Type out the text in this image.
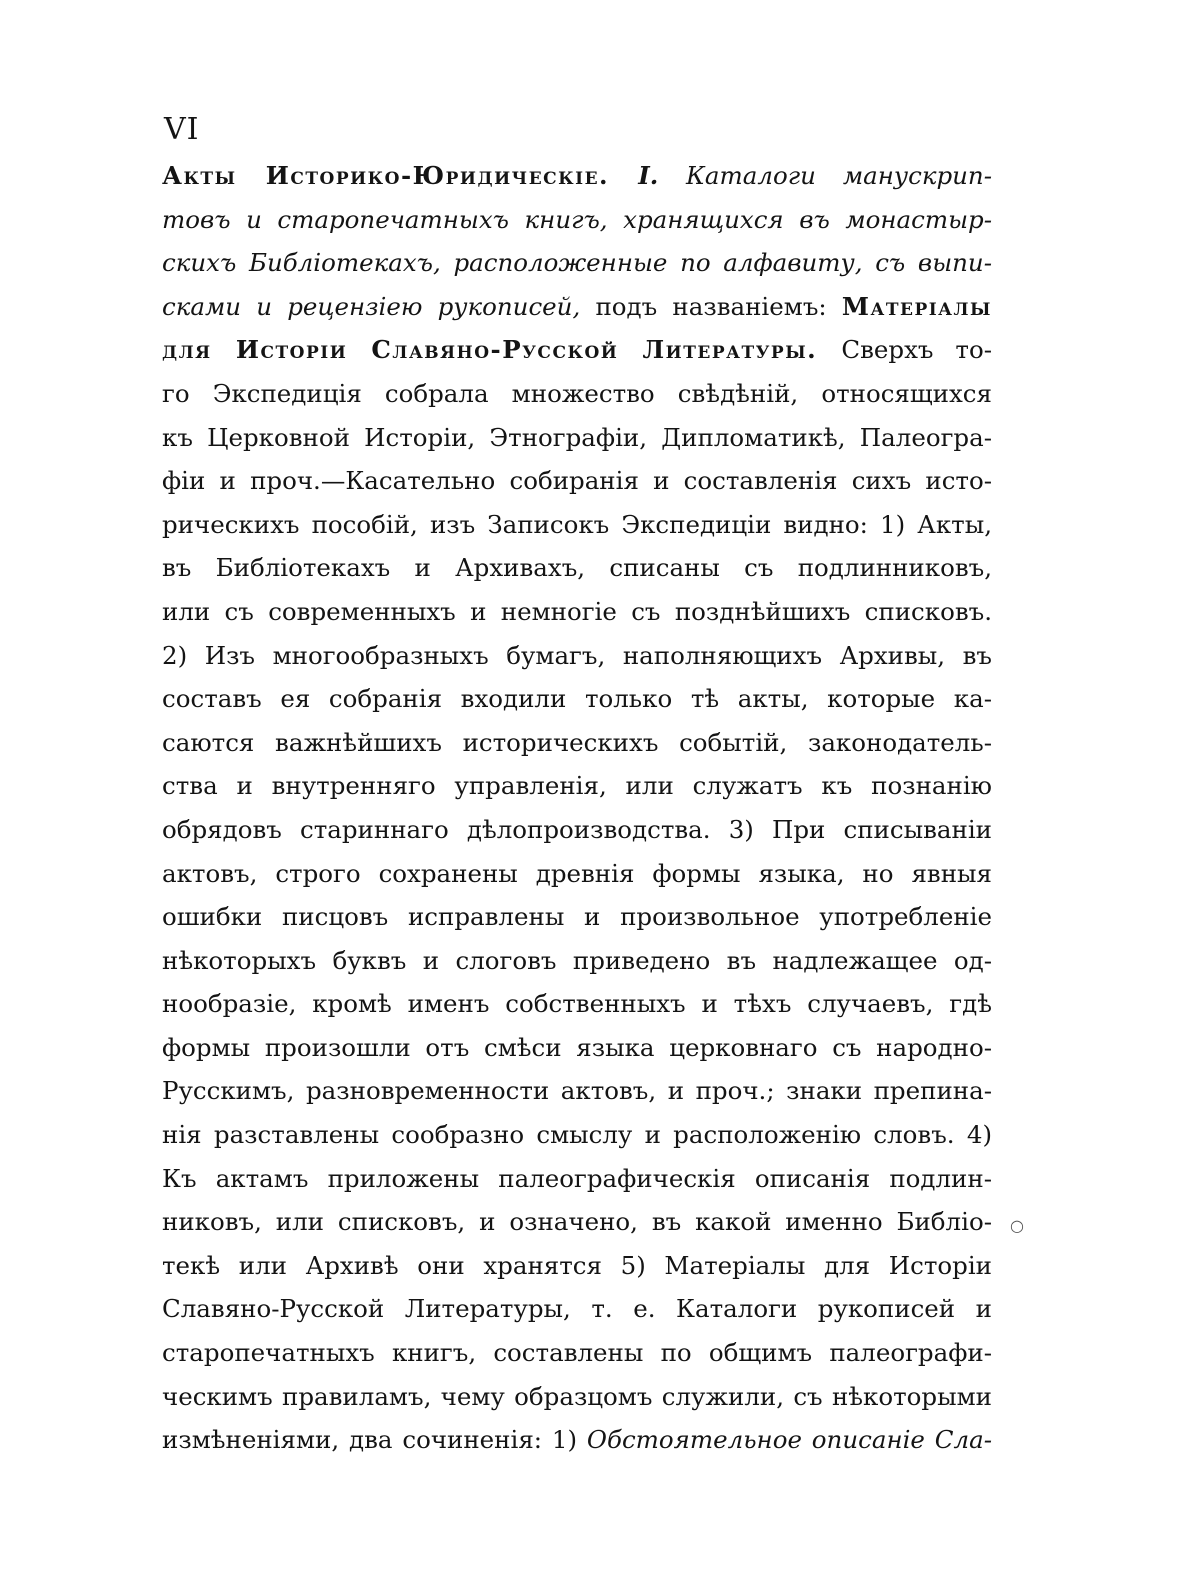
VI
Акты Историко-Юридическіе. I. Каталоги манускрип-
товъ и старопечатныхъ книгъ, хранящихся въ монастыр-
скихъ Библіотекахъ, расположенные по алфавиту, съ выпи-
сками и рецензіею рукописей, подъ названіемъ: Матеріалы
для Исторіи Славяно-Русской Литературы. Сверхъ то-
го Экспедиція собрала множество свѣдѣній, относящихся
къ Церковной Исторіи, Этнографіи, Дипломатикѣ, Палеогра-
фіи и проч.—Касательно собиранія и составленія сихъ исто-
рическихъ пособій, изъ Записокъ Экспедиціи видно: 1) Акты,
въ Библіотекахъ и Архивахъ, списаны съ подлинниковъ,
или съ современныхъ и немногіе съ позднѣйшихъ списковъ.
2) Изъ многообразныхъ бумагъ, наполняющихъ Архивы, въ
составъ ея собранія входили только тѣ акты, которые ка-
саются важнѣйшихъ историческихъ событій, законодатель-
ства и внутренняго управленія, или служатъ къ познанію
обрядовъ стариннаго дѣлопроизводства. 3) При списываніи
актовъ, строго сохранены древнія формы языка, но явныя
ошибки писцовъ исправлены и произвольное употребленіе
нѣкоторыхъ буквъ и слоговъ приведено въ надлежащее од-
нообразіе, кромѣ именъ собственныхъ и тѣхъ случаевъ, гдѣ
формы произошли отъ смѣси языка церковнаго съ народно-
Русскимъ, разновременности актовъ, и проч.; знаки препина-
нія разставлены сообразно смыслу и расположенію словъ. 4)
Къ актамъ приложены палеографическія описанія подлин-
никовъ, или списковъ, и означено, въ какой именно Библіо-
текѣ или Архивѣ они хранятся 5) Матеріалы для Исторіи
Славяно-Русской Литературы, т. е. Каталоги рукописей и
старопечатныхъ книгъ, составлены по общимъ палеографи-
ческимъ правиламъ, чему образцомъ служили, съ нѣкоторыми
измѣненіями, два сочиненія: 1) Обстоятельное описаніе Сла-
○
